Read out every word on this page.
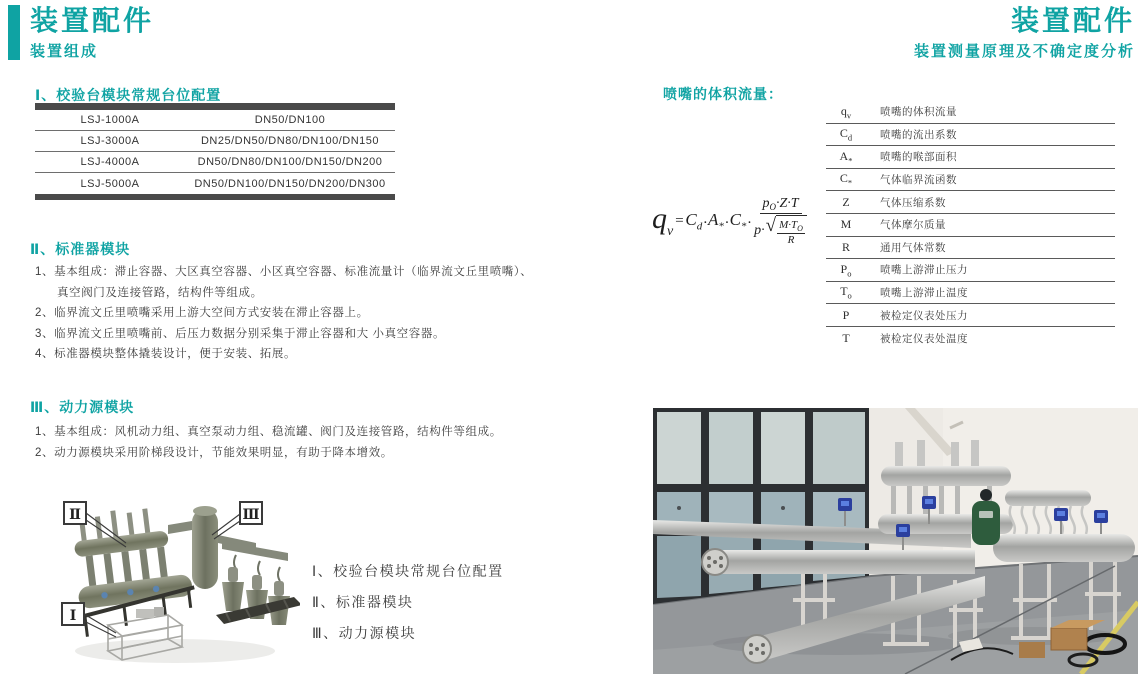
装置配件
装置组成
Ⅰ、校验台模块常规台位配置
LSJ-1000A	DN50/DN100
LSJ-3000A	DN25/DN50/DN80/DN100/DN150
LSJ-4000A	DN50/DN80/DN100/DN150/DN200
LSJ-5000A	DN50/DN100/DN150/DN200/DN300
Ⅱ、标准器模块
1、基本组成：滞止容器、大区真空容器、小区真空容器、标准流量计（临界流文丘里喷嘴）、
真空阀门及连接管路，结构件等组成。
2、临界流文丘里喷嘴采用上游大空间方式安装在滞止容器上。
3、临界流文丘里喷嘴前、后压力数据分别采集于滞止容器和大 小真空容器。
4、标准器模块整体撬装设计，便于安装、拓展。
Ⅲ、动力源模块
1、基本组成：风机动力组、真空泵动力组、稳流罐、阀门及连接管路，结构件等组成。
2、动力源模块采用阶梯段设计，节能效果明显，有助于降本增效。
Ⅱ	Ⅲ
Ⅰ
Ⅰ、校验台模块常规台位配置
Ⅱ、标准器模块
Ⅲ、动力源模块
装置配件
装置测量原理及不确定度分析
喷嘴的体积流量：
$q_v$
= $C_d \cdot A_* \cdot C_*$ ·
$p_O \cdot Z\cdot T$
p · √ $\frac{M\cdot T_O}{R}$
$q_v$	喷嘴的体积流量
$C_d$	喷嘴的流出系数
$A_*$	喷嘴的喉部面积
$C_*$	气体临界流函数
Z	气体压缩系数
M	气体摩尔质量
R	通用气体常数
$P_o$	喷嘴上游滞止压力
$T_o$	喷嘴上游滞止温度
P	被检定仪表处压力
T	被检定仪表处温度
